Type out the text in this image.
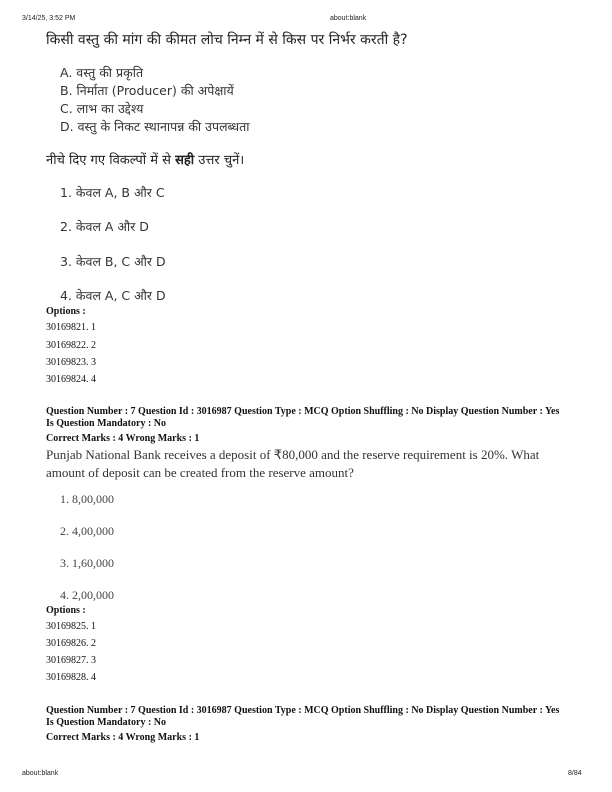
3/14/25, 3:52 PM	about:blank
किसी वस्तु की मांग की कीमत लोच निम्न में से किस पर निर्भर करती है?
A. वस्तु की प्रकृति
B. निर्माता (Producer) की अपेक्षायें
C. लाभ का उद्देश्य
D. वस्तु के निकट स्थानापन्न की उपलब्धता
नीचे दिए गए विकल्पों में से सही उत्तर चुनें।
1. केवल A, B और C
2. केवल A और D
3. केवल B, C और D
4. केवल A, C और D
Options :
30169821. 1
30169822. 2
30169823. 3
30169824. 4
Question Number : 7 Question Id : 3016987 Question Type : MCQ Option Shuffling : No Display Question Number : Yes Is Question Mandatory : No
Correct Marks : 4 Wrong Marks : 1
Punjab National Bank receives a deposit of ₹80,000 and the reserve requirement is 20%. What amount of deposit can be created from the reserve amount?
1. 8,00,000
2. 4,00,000
3. 1,60,000
4. 2,00,000
Options :
30169825. 1
30169826. 2
30169827. 3
30169828. 4
Question Number : 7 Question Id : 3016987 Question Type : MCQ Option Shuffling : No Display Question Number : Yes Is Question Mandatory : No
Correct Marks : 4 Wrong Marks : 1
about:blank	8/84
